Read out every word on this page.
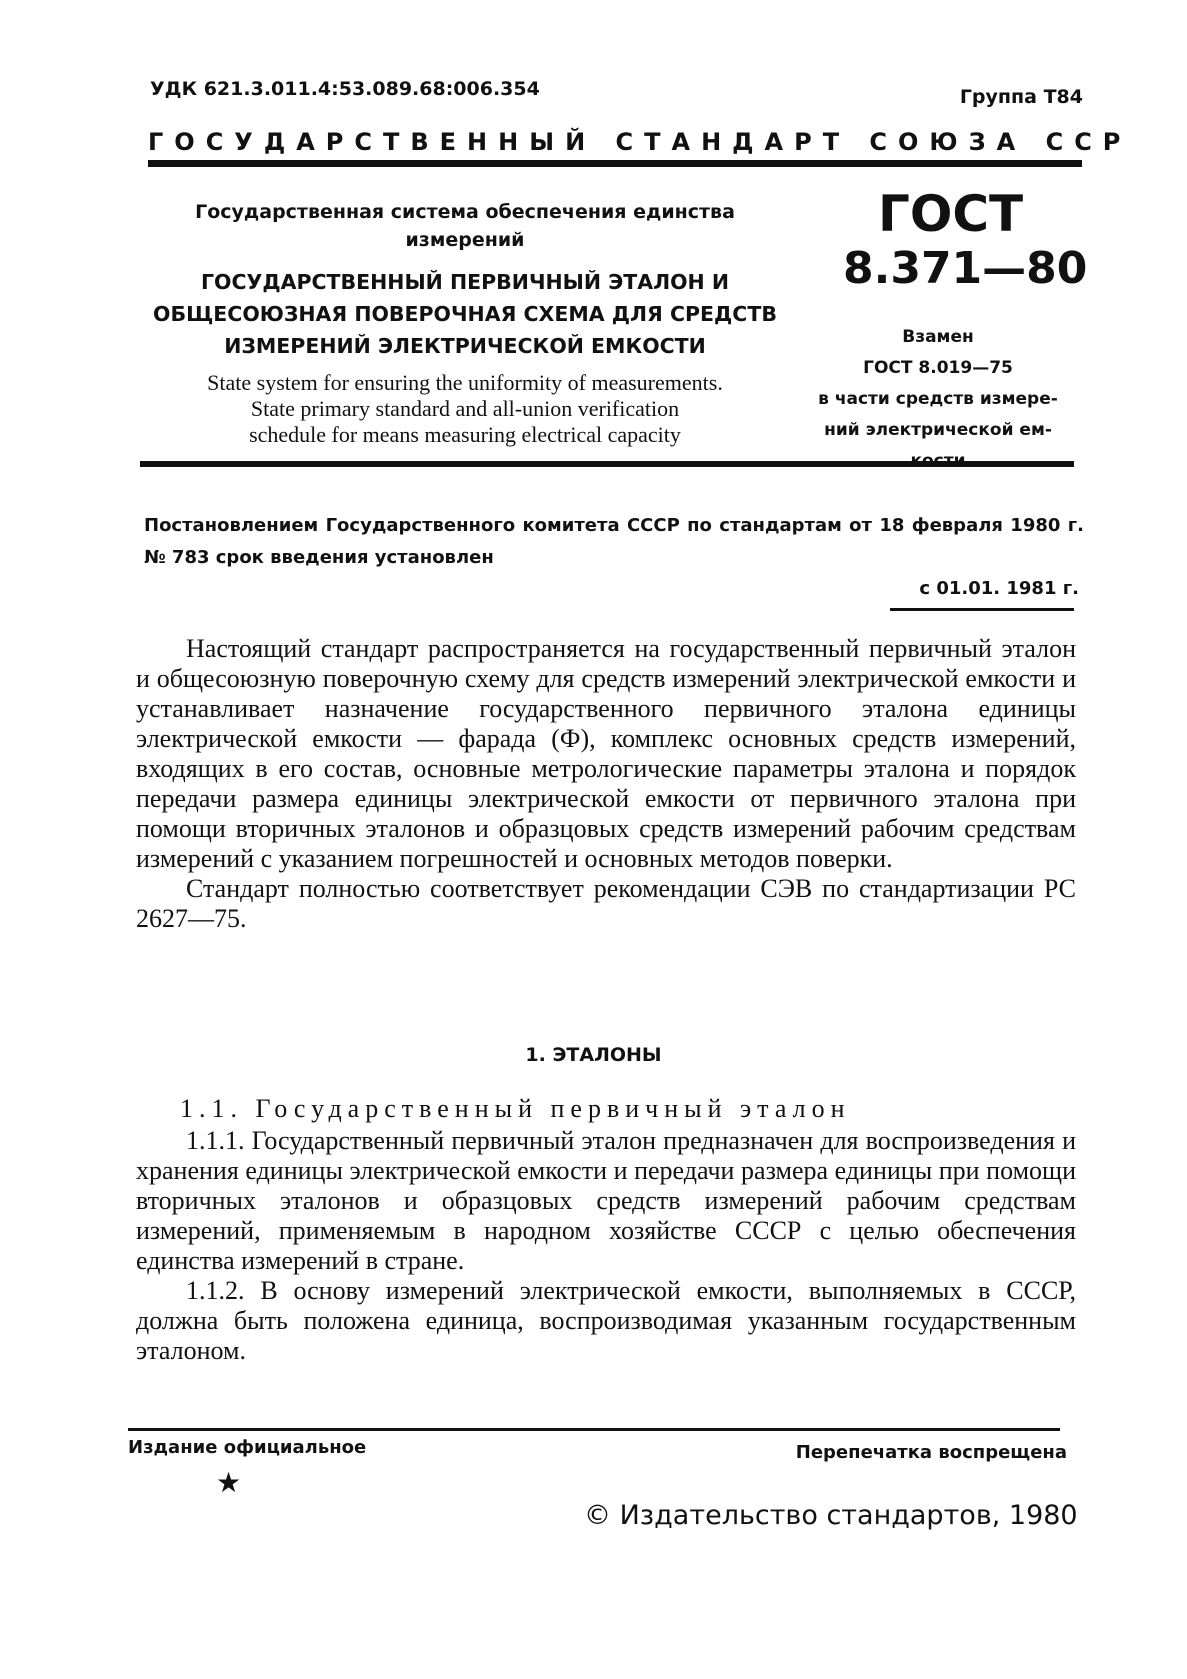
УДК 621.3.011.4:53.089.68:006.354	Группа Т84
ГОСУДАРСТВЕННЫЙ СТАНДАРТ СОЮЗА ССР
Государственная система обеспечения единства
измерений
ГОСУДАРСТВЕННЫЙ ПЕРВИЧНЫЙ ЭТАЛОН И
ОБЩЕСОЮЗНАЯ ПОВЕРОЧНАЯ СХЕМА ДЛЯ СРЕДСТВ
ИЗМЕРЕНИЙ ЭЛЕКТРИЧЕСКОЙ ЕМКОСТИ
State system for ensuring the uniformity of measurements.
State primary standard and all-union verification
schedule for means measuring electrical capacity
ГОСТ
8.371—80
Взамен
ГОСТ 8.019—75
в части средств измере-
ний электрической ем-
Постановлением Государственного комитета СССР по стандартам от 18 февраля 1980 г. № 783 срок введения установлен
с 01.01. 1981 г.

Настоящий стандарт распространяется на государственный первичный эталон и общесоюзную поверочную схему для средств измерений электрической емкости и устанавливает назначение государственного первичного эталона единицы электрической емкости — фарада (Ф), комплекс основных средств измерений, входящих в его состав, основные метрологические параметры эталона и порядок передачи размера единицы электрической емкости от первичного эталона при помощи вторичных эталонов и образцовых средств измерений рабочим средствам измерений с указанием погрешностей и основных методов поверки.

Стандарт полностью соответствует рекомендации СЭВ по стандартизации РС 2627—75.

1. ЭТАЛОНЫ
1.1. Государственный первичный эталон

1.1.1. Государственный первичный эталон предназначен для воспроизведения и хранения единицы электрической емкости и передачи размера единицы при помощи вторичных эталонов и образцовых средств измерений рабочим средствам измерений, применяемым в народном хозяйстве СССР с целью обеспечения единства измерений в стране.

1.1.2. В основу измерений электрической емкости, выполняемых в СССР, должна быть положена единица, воспроизводимая указанным государственным эталоном.

Издание официальное	Перепечатка воспрещена
★
© Издательство стандартов, 1980
